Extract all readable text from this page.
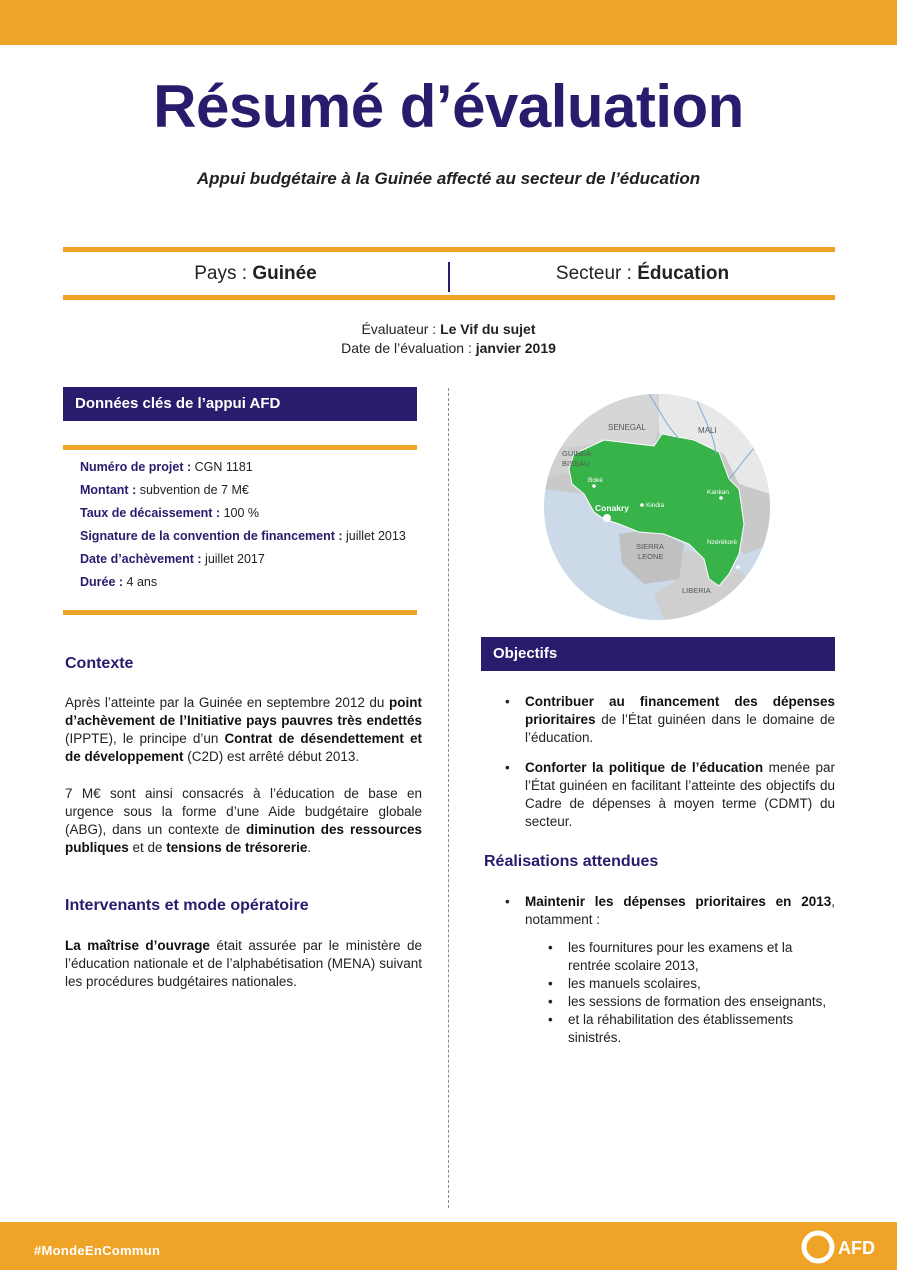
Résumé d’évaluation
Appui budgétaire à la Guinée affecté au secteur de l’éducation
Pays : Guinée	Secteur : Éducation
Évaluateur : Le Vif du sujet
Date de l’évaluation : janvier 2019
Données clés de l’appui AFD
Numéro de projet : CGN 1181
Montant : subvention de 7 M€
Taux de décaissement : 100 %
Signature de la convention de financement : juillet 2013
Date d’achèvement : juillet 2017
Durée : 4 ans
Contexte
Après l’atteinte par la Guinée en septembre 2012 du point d’achèvement de l’Initiative pays pauvres très endettés (IPPTE), le principe d’un Contrat de désendettement et de développement (C2D) est arrêté début 2013.
7 M€ sont ainsi consacrés à l’éducation de base en urgence sous la forme d’une Aide budgétaire globale (ABG), dans un contexte de diminution des ressources publiques et de tensions de trésorerie.
Intervenants et mode opératoire
La maîtrise d’ouvrage était assurée par le ministère de l’éducation nationale et de l’alphabétisation (MENA) suivant les procédures budgétaires nationales.
SENEGAL	MALI
GUINEA-
BISSAU
Boké
Kindia
Conakry
Kankan
Nzérékoré
SIERRA
LEONE
LIBERIA
Objectifs
• Contribuer au financement des dépenses prioritaires de l’État guinéen dans le domaine de l’éducation.
• Conforter la politique de l’éducation menée par l’État guinéen en facilitant l’atteinte des objectifs du Cadre de dépenses à moyen terme (CDMT) du secteur.
Réalisations attendues
• Maintenir les dépenses prioritaires en 2013, notamment :
• les fournitures pour les examens et la rentrée scolaire 2013,
• les manuels scolaires,
• les sessions de formation des enseignants,
• et la réhabilitation des établissements sinistrés.
#MondeEnCommun	AFD
